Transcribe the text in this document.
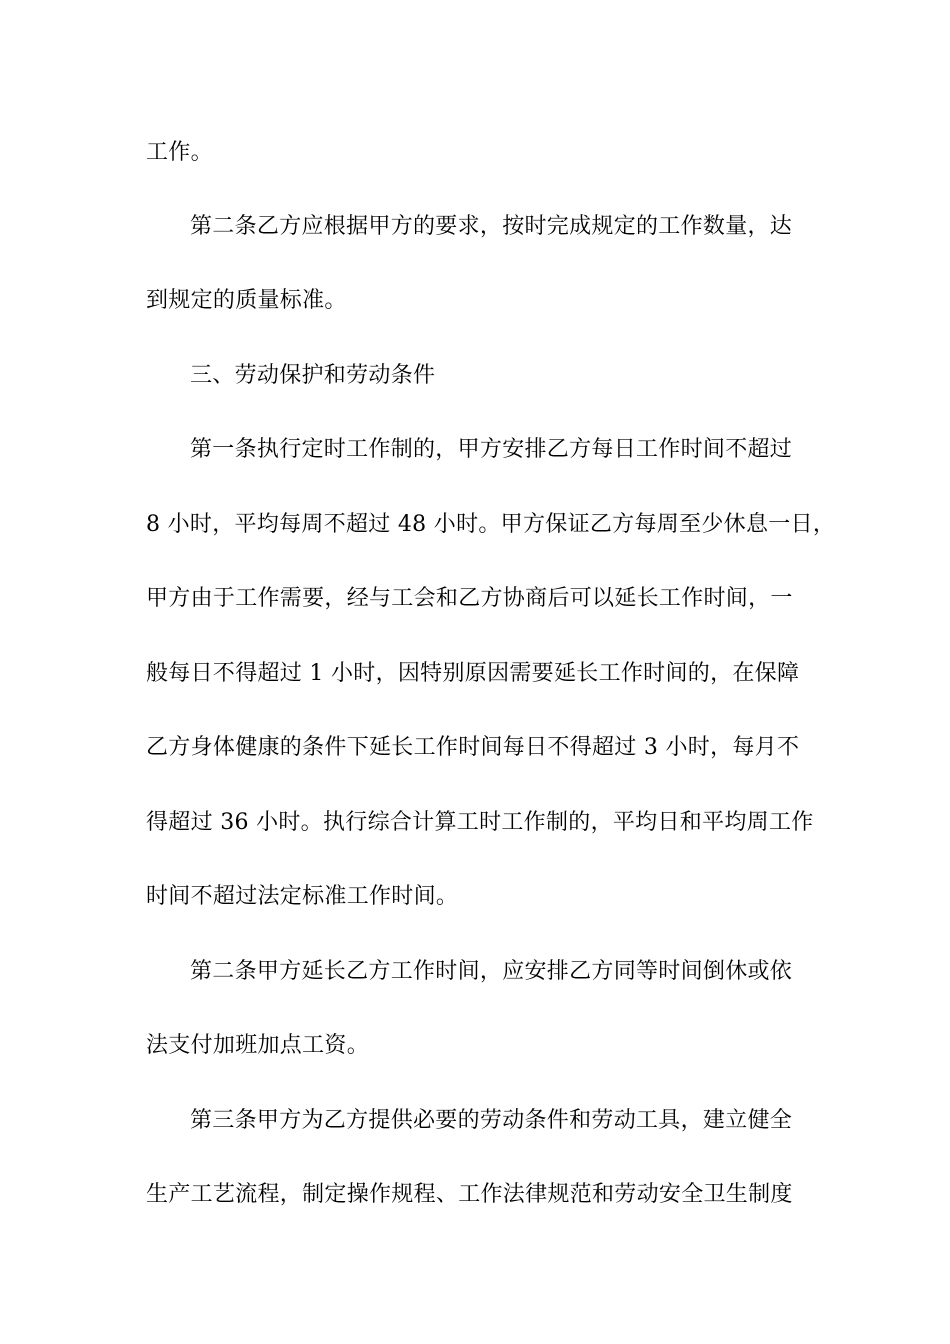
工作。
第二条乙方应根据甲方的要求，按时完成规定的工作数量，达
到规定的质量标准。
三、劳动保护和劳动条件
第一条执行定时工作制的，甲方安排乙方每日工作时间不超过
8 小时，平均每周不超过 48 小时。甲方保证乙方每周至少休息一日，
甲方由于工作需要，经与工会和乙方协商后可以延长工作时间，一
般每日不得超过 1 小时，因特别原因需要延长工作时间的，在保障
乙方身体健康的条件下延长工作时间每日不得超过 3 小时，每月不
得超过 36 小时。执行综合计算工时工作制的，平均日和平均周工作
时间不超过法定标准工作时间。
第二条甲方延长乙方工作时间，应安排乙方同等时间倒休或依
法支付加班加点工资。
第三条甲方为乙方提供必要的劳动条件和劳动工具，建立健全
生产工艺流程，制定操作规程、工作法律规范和劳动安全卫生制度
